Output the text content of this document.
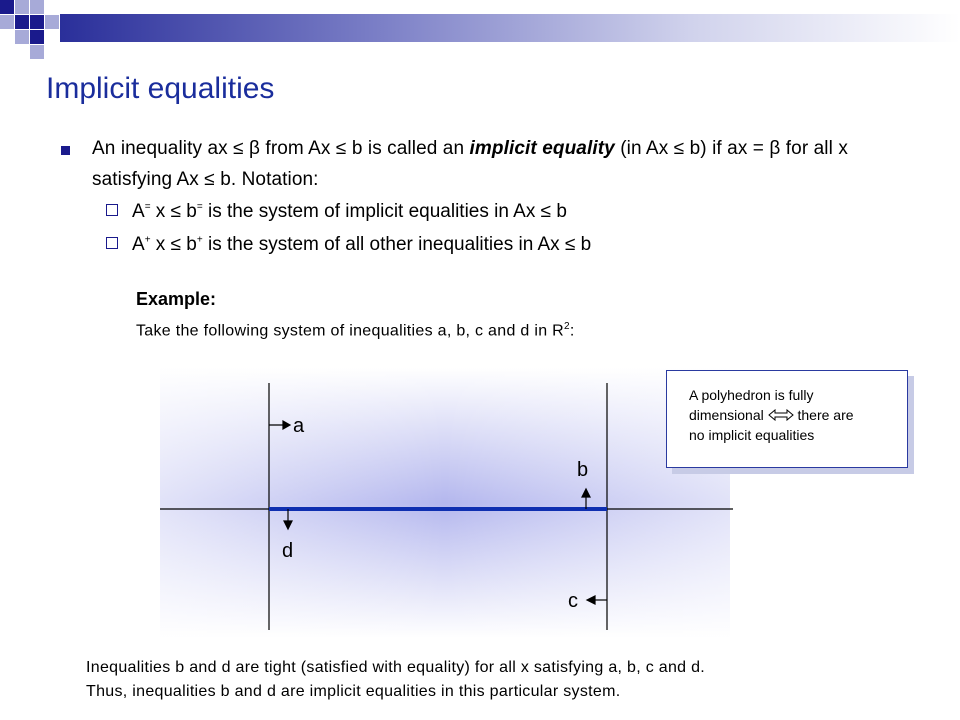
Implicit equalities
An inequality ax ≤ β from Ax ≤ b is called an implicit equality (in Ax ≤ b) if ax = β for all x satisfying Ax ≤ b. Notation:
A= x ≤ b= is the system of implicit equalities in Ax ≤ b
A+ x ≤ b+ is the system of all other inequalities in Ax ≤ b
Example:
Take the following system of inequalities a, b, c and d in $R^2$:
a
b
c
d
A polyhedron is fully
dimensional  there are
no implicit equalities
Inequalities b and d are tight (satisfied with equality) for all x satisfying a, b, c and d.
Thus, inequalities b and d are implicit equalities in this particular system.
